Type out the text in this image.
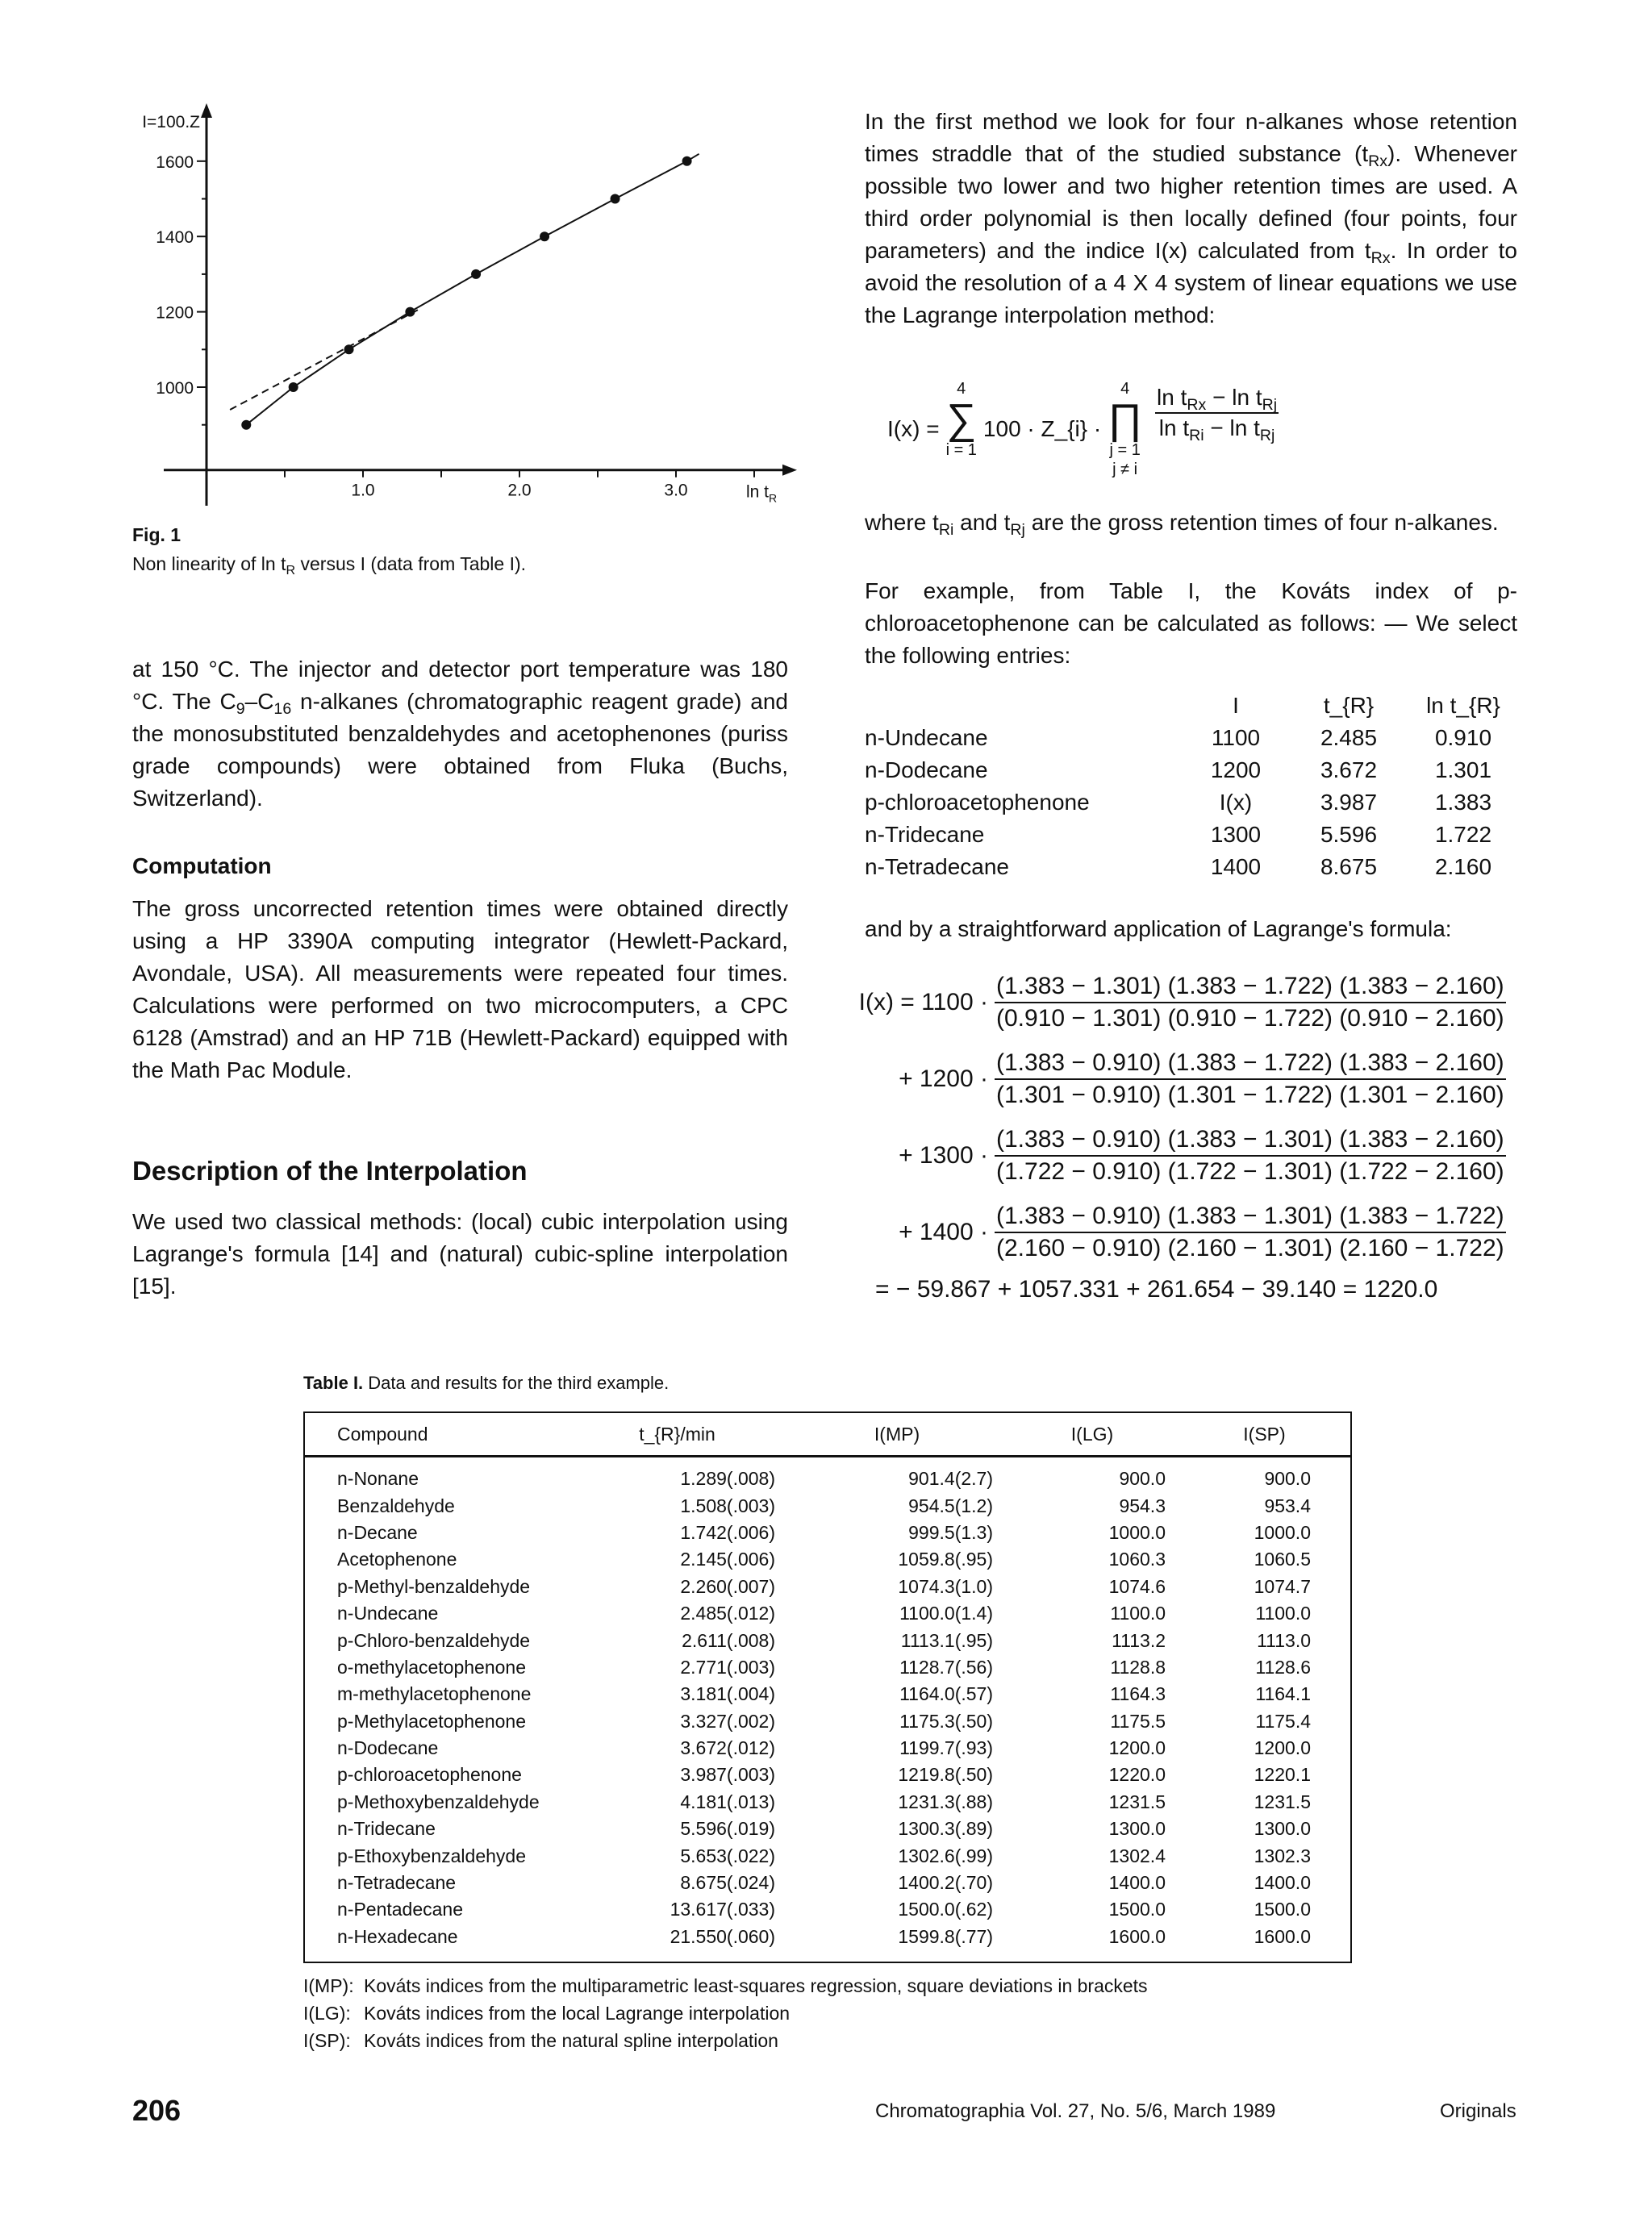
I=100.Z
1000
1200
1400
1600
1.0	2.0	3.0	$\ln t_R$
Fig. 1
Non linearity of $\ln t_R$ versus I (data from Table I).
at 150 °C. The injector and detector port temperature was 180 °C. The $C_9-C_{16}$ n-alkanes (chromatographic reagent grade) and the monosubstituted benzaldehydes and acetophenones (puriss grade compounds) were obtained from Fluka (Buchs, Switzerland).
Computation
The gross uncorrected retention times were obtained directly using a HP 3390A computing integrator (Hewlett-Packard, Avondale, USA). All measurements were repeated four times. Calculations were performed on two microcomputers, a CPC 6128 (Amstrad) and an HP 71B (Hewlett-Packard) equipped with the Math Pac Module.
Description of the Interpolation
We used two classical methods: (local) cubic interpolation using Lagrange's formula [14] and (natural) cubic-spline interpolation [15].
In the first method we look for four n-alkanes whose retention times straddle that of the studied substance $(t_{Rx})$. Whenever possible two lower and two higher retention times are used. A third order polynomial is then locally defined (four points, four parameters) and the indice I(x) calculated from $t_{Rx}$. In order to avoid the resolution of a 4 X 4 system of linear equations we use the Lagrange interpolation method:
I(x) =
4
∑
i = 1

100 · Z_{i} ·
4
∏
j = 1
j ≠ i
$\frac{\ln t_{Rx} - \ln t_{Rj}}{\ln t_{Ri} - \ln t_{Rj}}$
where $t_{Ri}$ and $t_{Rj}$ are the gross retention times of four n-alkanes.
For example, from Table I, the Kováts index of p-chloroacetophenone can be calculated as follows: — We select the following entries:
	I	t_{R}	ln t_{R}
n-Undecane	1100	2.485	0.910
n-Dodecane	1200	3.672	1.301
p-chloroacetophenone	I(x)	3.987	1.383
n-Tridecane	1300	5.596	1.722
n-Tetradecane	1400	8.675	2.160
and by a straightforward application of Lagrange's formula:
$I(x) = 1100 \cdot \frac{(1.383 - 1.301) (1.383 - 1.722) (1.383 - 2.160)}{(0.910 - 1.301) (0.910 - 1.722) (0.910 - 2.160)}$
+ $1200 \cdot \frac{(1.383 - 0.910) (1.383 - 1.722) (1.383 - 2.160)}{(1.301 - 0.910) (1.301 - 1.722) (1.301 - 2.160)}$
+ $1300 \cdot \frac{(1.383 - 0.910) (1.383 - 1.301) (1.383 - 2.160)}{(1.722 - 0.910) (1.722 - 1.301) (1.722 - 2.160)}$
+ $1400 \cdot \frac{(1.383 - 0.910) (1.383 - 1.301) (1.383 - 1.722)}{(2.160 - 0.910) (2.160 - 1.301) (2.160 - 1.722)}$
= − 59.867 + 1057.331 + 261.654 − 39.140 = 1220.0
Table I. Data and results for the third example.
Compound	t_{R}/min	I(MP)	I(LG)	I(SP)
n-Nonane	1.289(.008)	901.4(2.7)	900.0	900.0
Benzaldehyde	1.508(.003)	954.5(1.2)	954.3	953.4
n-Decane	1.742(.006)	999.5(1.3)	1000.0	1000.0
Acetophenone	2.145(.006)	1059.8(.95)	1060.3	1060.5
p-Methyl-benzaldehyde	2.260(.007)	1074.3(1.0)	1074.6	1074.7
n-Undecane	2.485(.012)	1100.0(1.4)	1100.0	1100.0
p-Chloro-benzaldehyde	2.611(.008)	1113.1(.95)	1113.2	1113.0
o-methylacetophenone	2.771(.003)	1128.7(.56)	1128.8	1128.6
m-methylacetophenone	3.181(.004)	1164.0(.57)	1164.3	1164.1
p-Methylacetophenone	3.327(.002)	1175.3(.50)	1175.5	1175.4
n-Dodecane	3.672(.012)	1199.7(.93)	1200.0	1200.0
p-chloroacetophenone	3.987(.003)	1219.8(.50)	1220.0	1220.1
p-Methoxybenzaldehyde	4.181(.013)	1231.3(.88)	1231.5	1231.5
n-Tridecane	5.596(.019)	1300.3(.89)	1300.0	1300.0
p-Ethoxybenzaldehyde	5.653(.022)	1302.6(.99)	1302.4	1302.3
n-Tetradecane	8.675(.024)	1400.2(.70)	1400.0	1400.0
n-Pentadecane	13.617(.033)	1500.0(.62)	1500.0	1500.0
n-Hexadecane	21.550(.060)	1599.8(.77)	1600.0	1600.0
I(MP): Kováts indices from the multiparametric least-squares regression, square deviations in brackets
I(LG): Kováts indices from the local Lagrange interpolation
I(SP): Kováts indices from the natural spline interpolation
206	Chromatographia Vol. 27, No. 5/6, March 1989	Originals
